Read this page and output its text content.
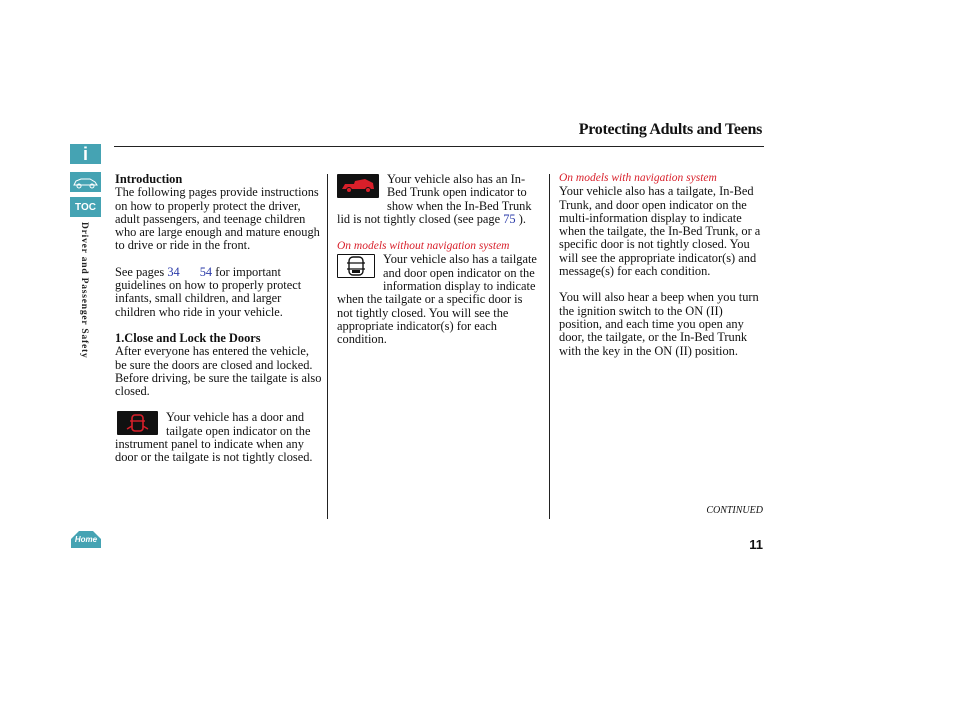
i
TOC
Driver and Passenger Safety
Home
Protecting Adults and Teens

Introduction

The following pages provide instructions on how to properly protect the driver, adult passengers, and teenage children who are large enough and mature enough to drive or ride in the front.

See pages 34 54 for important guidelines on how to properly protect infants, small children, and larger children who ride in your vehicle.

1.Close and Lock the Doors

After everyone has entered the vehicle, be sure the doors are closed and locked. Before driving, be sure the tailgate is also closed.

Your vehicle has a door and tailgate open indicator on the instrument panel to indicate when any door or the tailgate is not tightly closed.

Your vehicle also has an In-Bed Trunk open indicator to show when the In-Bed Trunk lid is not tightly closed (see page 75 ).

On models without navigation system

Your vehicle also has a tailgate and door open indicator on the information display to indicate when the tailgate or a specific door is not tightly closed. You will see the appropriate indicator(s) for each condition.

On models with navigation system

Your vehicle also has a tailgate, In-Bed Trunk, and door open indicator on the multi-information display to indicate when the tailgate, the In-Bed Trunk, or a specific door is not tightly closed. You will see the appropriate indicator(s) and message(s) for each condition.

You will also hear a beep when you turn the ignition switch to the ON (II) position, and each time you open any door, the tailgate, or the In-Bed Trunk with the key in the ON (II) position.

CONTINUED
11
